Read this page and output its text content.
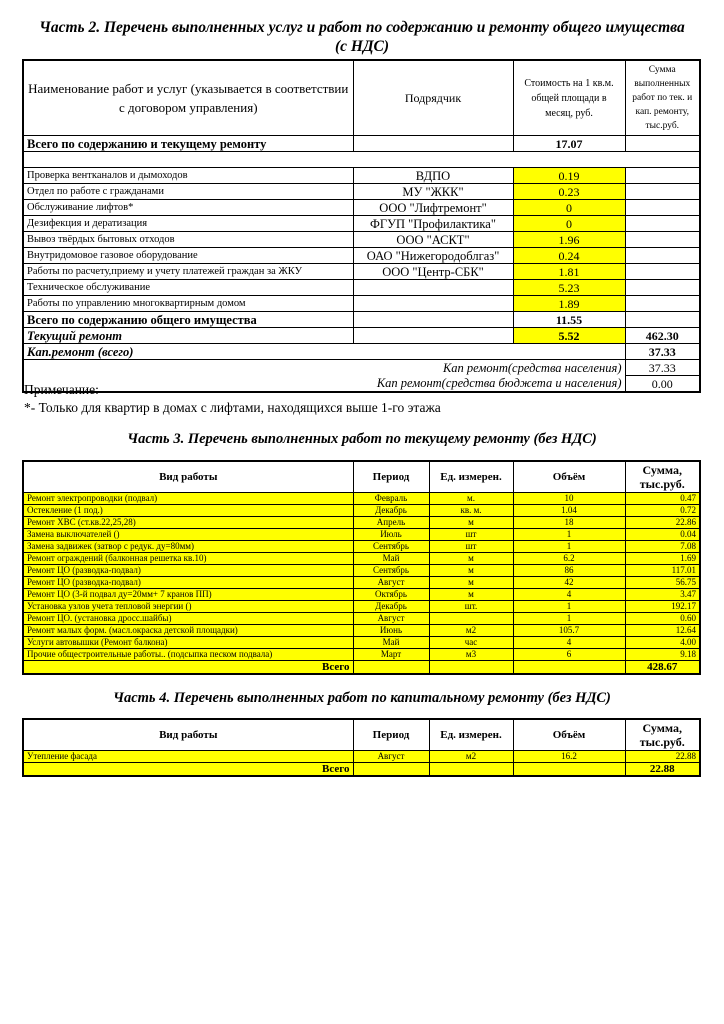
Часть 2. Перечень выполненных услуг и работ по содержанию и ремонту общего имущества
(с НДС)
Наименование работ и услуг (указывается в соответствии с договором управления)	Подрядчик	Стоимость на 1 кв.м. общей площади в месяц, руб.	Сумма выполненных работ по тек. и кап. ремонту, тыс.руб.
Всего по содержанию и текущему ремонту		17.07	

Проверка вентканалов и дымоходов	ВДПО	0.19	
Отдел по работе с гражданами	МУ "ЖКК"	0.23	
Обслуживание лифтов*	ООО "Лифтремонт"	0	
Дезифекция и дератизация	ФГУП "Профилактика"	0	
Вывоз твёрдых бытовых отходов	ООО "АСКТ"	1.96	
Внутридомовое газовое оборудование	ОАО "Нижегородоблгаз"	0.24	
Работы по расчету,приему и учету платежей граждан за ЖКУ	ООО "Центр-СБК"	1.81	
Техническое обслуживание		5.23	
Работы по управлению многоквартирным домом		1.89	
Всего по содержанию общего имущества		11.55	
Текущий ремонт		5.52	462.30
Кап.ремонт (всего)			37.33
Кап ремонт(средства населения)			37.33
Кап ремонт(средства бюджета и населения)			0.00
Примечание:
*- Только для квартир в домах с лифтами, находящихся выше 1-го этажа
Часть 3. Перечень выполненных работ по текущему ремонту (без НДС)
Вид работы	Период	Ед. измерен.	Объём	Сумма, тыс.руб.
Ремонт электропроводки (подвал)	Февраль	м.	10	0.47
Остекление (1 под.)	Декабрь	кв. м.	1.04	0.72
Ремонт ХВС (ст.кв.22,25,28)	Апрель	м	18	22.86
Замена выключателей ()	Июль	шт	1	0.04
Замена задвижек (затвор с редук. ду=80мм)	Сентябрь	шт	1	7.08
Ремонт ограждений (балконная решетка кв.10)	Май	м	6.2	1.69
Ремонт ЦО (разводка-подвал)	Сентябрь	м	86	117.01
Ремонт ЦО (разводка-подвал)	Август	м	42	56.75
Ремонт ЦО (3-й подвал ду=20мм+ 7 кранов ПП)	Октябрь	м	4	3.47
Установка узлов учета тепловой энергии ()	Декабрь	шт.	1	192.17
Ремонт ЦО. (установка дросс.шайбы)	Август		1	0.60
Ремонт малых форм. (масл.окраска детской площадки)	Июнь	м2	105.7	12.64
Услуги автовышки (Ремонт балкона)	Май	час	4	4.00
Прочие общестроительные работы.. (подсыпка песком подвала)	Март	м3	6	9.18
Всего				428.67
Часть 4. Перечень выполненных работ по капитальному ремонту (без НДС)
Вид работы	Период	Ед. измерен.	Объём	Сумма, тыс.руб.
Утепление фасада	Август	м2	16.2	22.88
Всего				22.88
